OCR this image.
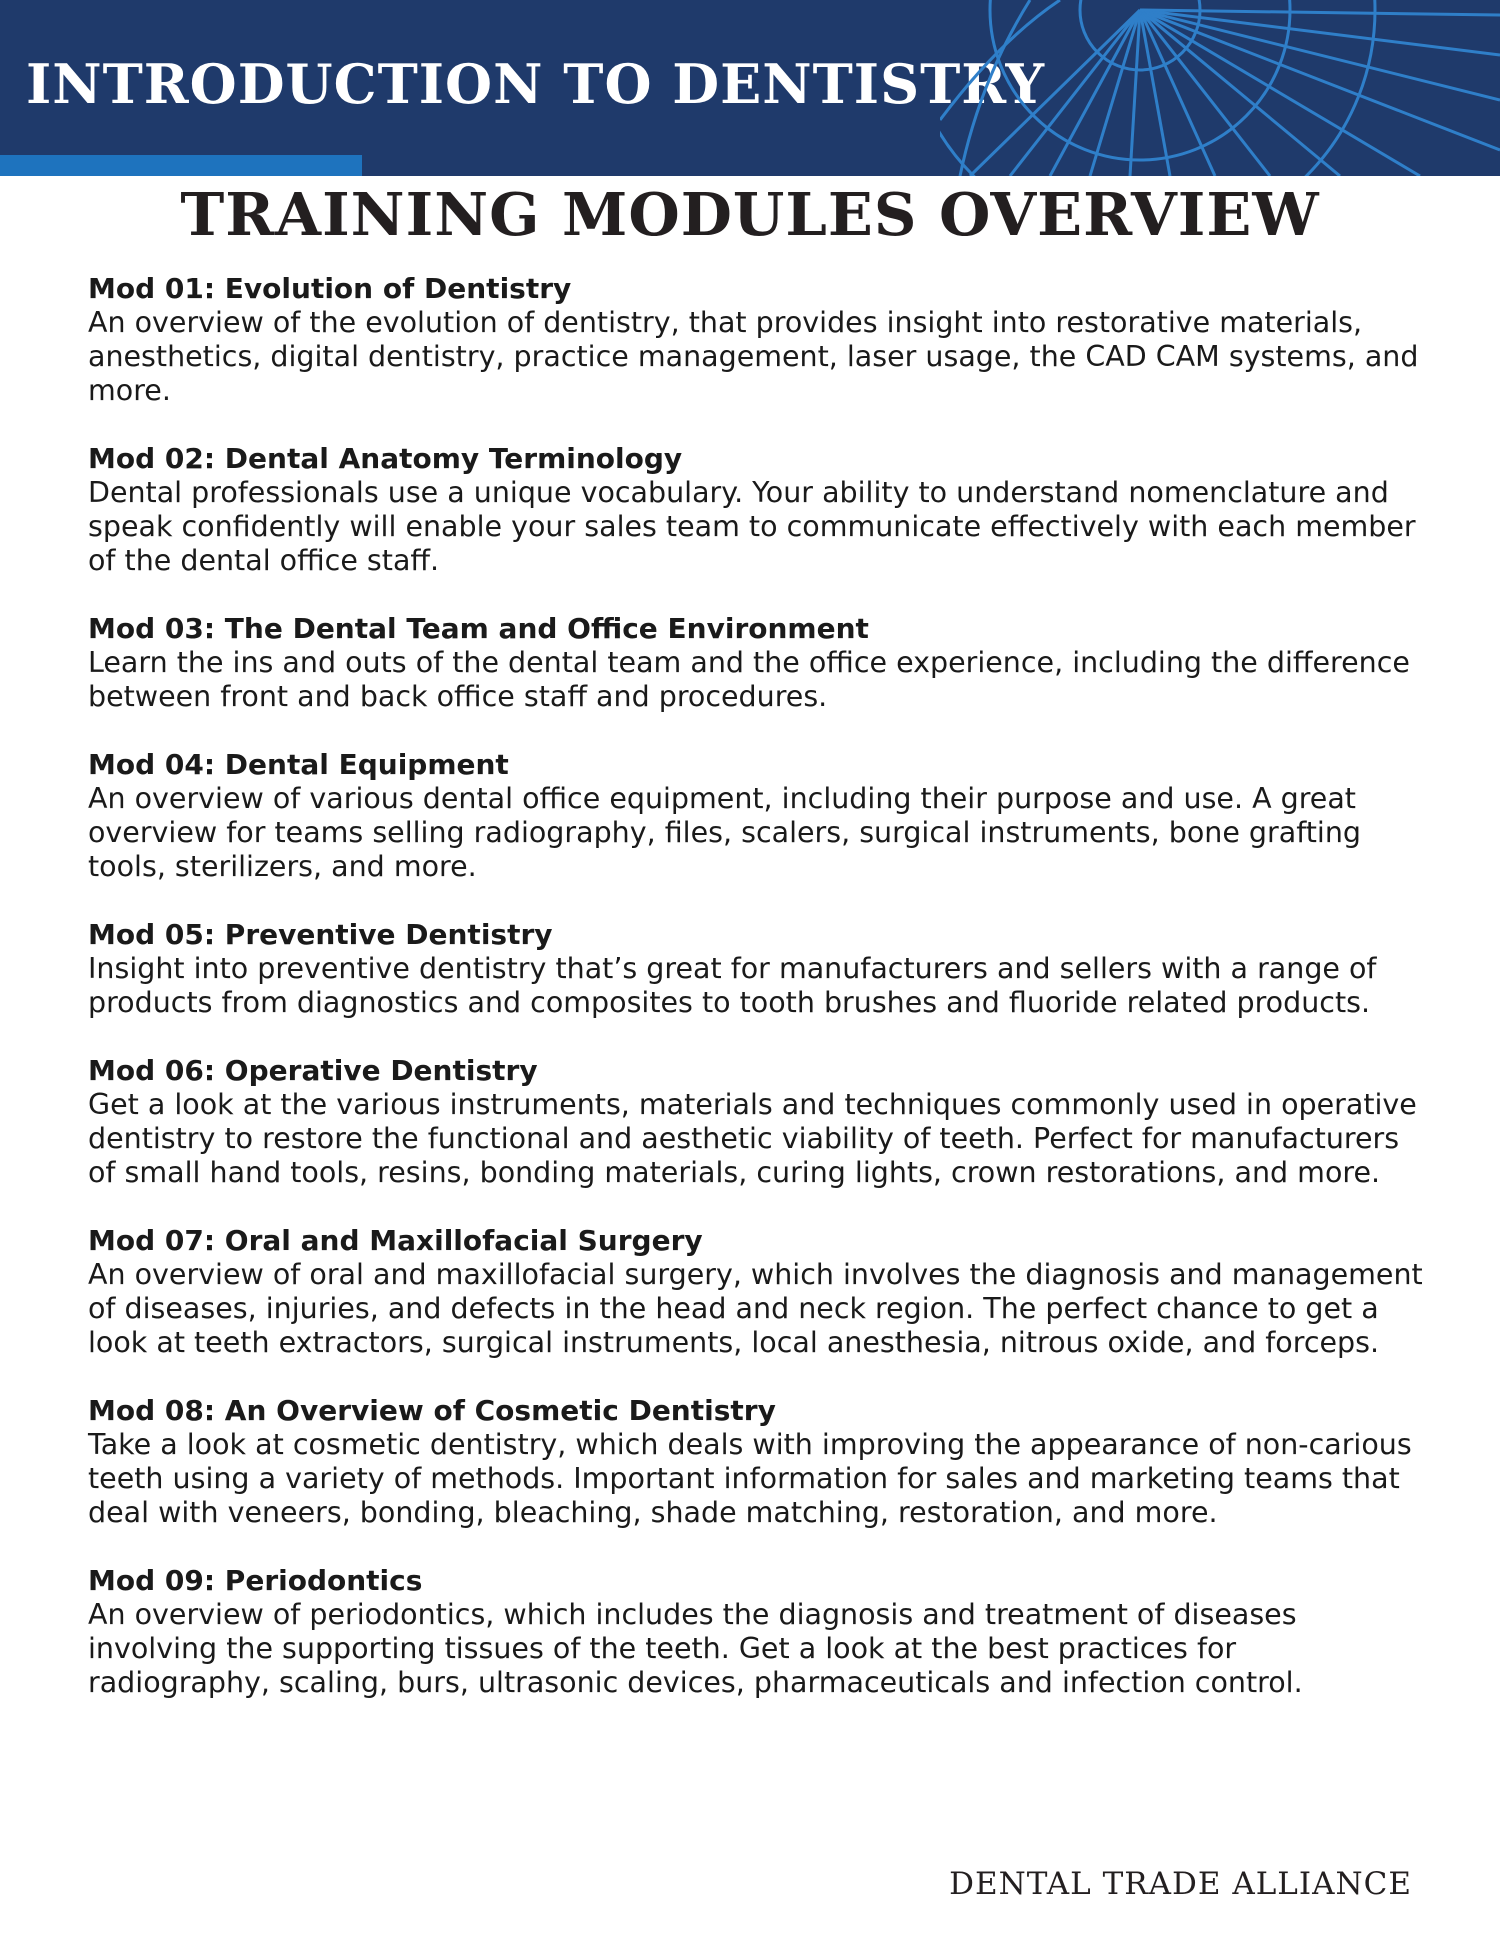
INTRODUCTION TO DENTISTRY
TRAINING MODULES OVERVIEW

Mod 01: Evolution of Dentistry

An overview of the evolution of dentistry, that provides insight into restorative materials, anesthetics, digital dentistry, practice management, laser usage, the CAD CAM systems, and more.

Mod 02: Dental Anatomy Terminology

Dental professionals use a unique vocabulary. Your ability to understand nomenclature and speak confidently will enable your sales team to communicate effectively with each member of the dental office staff.

Mod 03: The Dental Team and Office Environment

Learn the ins and outs of the dental team and the office experience, including the difference between front and back office staff and procedures.

Mod 04: Dental Equipment

An overview of various dental office equipment, including their purpose and use. A great overview for teams selling radiography, files, scalers, surgical instruments, bone grafting tools, sterilizers, and more.

Mod 05: Preventive Dentistry

Insight into preventive dentistry that’s great for manufacturers and sellers with a range of products from diagnostics and composites to tooth brushes and fluoride related products.

Mod 06: Operative Dentistry

Get a look at the various instruments, materials and techniques commonly used in operative dentistry to restore the functional and aesthetic viability of teeth. Perfect for manufacturers of small hand tools, resins, bonding materials, curing lights, crown restorations, and more.

Mod 07: Oral and Maxillofacial Surgery

An overview of oral and maxillofacial surgery, which involves the diagnosis and management of diseases, injuries, and defects in the head and neck region. The perfect chance to get a look at teeth extractors, surgical instruments, local anesthesia, nitrous oxide, and forceps.

Mod 08: An Overview of Cosmetic Dentistry

Take a look at cosmetic dentistry, which deals with improving the appearance of non-carious teeth using a variety of methods. Important information for sales and marketing teams that deal with veneers, bonding, bleaching, shade matching, restoration, and more.

Mod 09: Periodontics

An overview of periodontics, which includes the diagnosis and treatment of diseases involving the supporting tissues of the teeth. Get a look at the best practices for radiography, scaling, burs, ultrasonic devices, pharmaceuticals and infection control.

DENTAL TRADE ALLIANCE
